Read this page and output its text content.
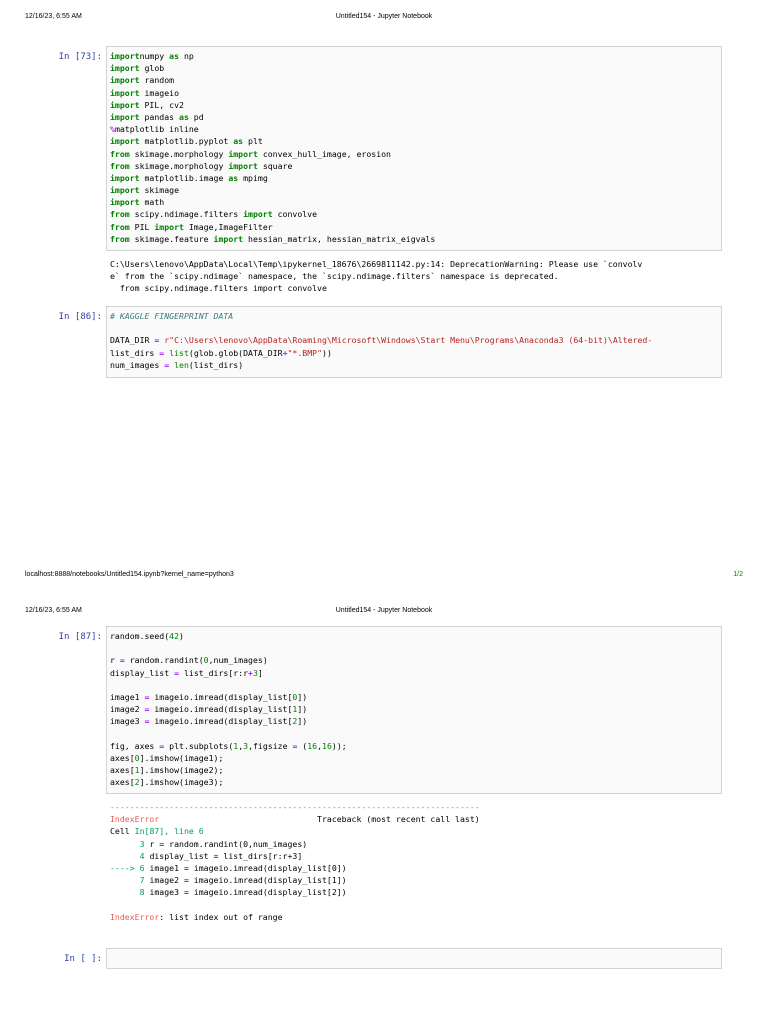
12/16/23, 6:55 AM	Untitled154 - Jupyter Notebook
In [73]: importnumpy as np
import glob
import random
import imageio
import PIL, cv2
import pandas as pd
%matplotlib inline
import matplotlib.pyplot as plt
from skimage.morphology import convex_hull_image, erosion
from skimage.morphology import square
import matplotlib.image as mpimg
import skimage
import math
from scipy.ndimage.filters import convolve
from PIL import Image,ImageFilter
from skimage.feature import hessian_matrix, hessian_matrix_eigvals
C:\Users\lenovo\AppData\Local\Temp\ipykernel_18676\2669811142.py:14: DeprecationWarning: Please use `convolv
e` from the `scipy.ndimage` namespace, the `scipy.ndimage.filters` namespace is deprecated.
from scipy.ndimage.filters import convolve
In [86]: # KAGGLE FINGERPRINT DATA
DATA_DIR = r"C:\Users\lenovo\AppData\Roaming\Microsoft\Windows\Start Menu\Programs\Anaconda3 (64-bit)\Altered-
list_dirs = list(glob.glob(DATA_DIR+"*.BMP"))
num_images = len(list_dirs)
localhost:8888/notebooks/Untitled154.ipynb?kernel_name=python3	1/2
12/16/23, 6:55 AM	Untitled154 - Jupyter Notebook
In [87]: random.seed(42)
r = random.randint(0,num_images)
display_list = list_dirs[r:r+3]
image1 = imageio.imread(display_list[0])
image2 = imageio.imread(display_list[1])
image3 = imageio.imread(display_list[2])
fig, axes = plt.subplots(1,3,figsize = (16,16));
axes[0].imshow(image1);
axes[1].imshow(image2);
axes[2].imshow(image3);
---------------------------------------------------------------------------
IndexError                                Traceback (most recent call last)
Cell In[87], line 6
3 r = random.randint(0,num_images)
4 display_list = list_dirs[r:r+3]
----> 6 image1 = imageio.imread(display_list[0])
7 image2 = imageio.imread(display_list[1])
8 image3 = imageio.imread(display_list[2])
IndexError: list index out of range
In [ ]:
